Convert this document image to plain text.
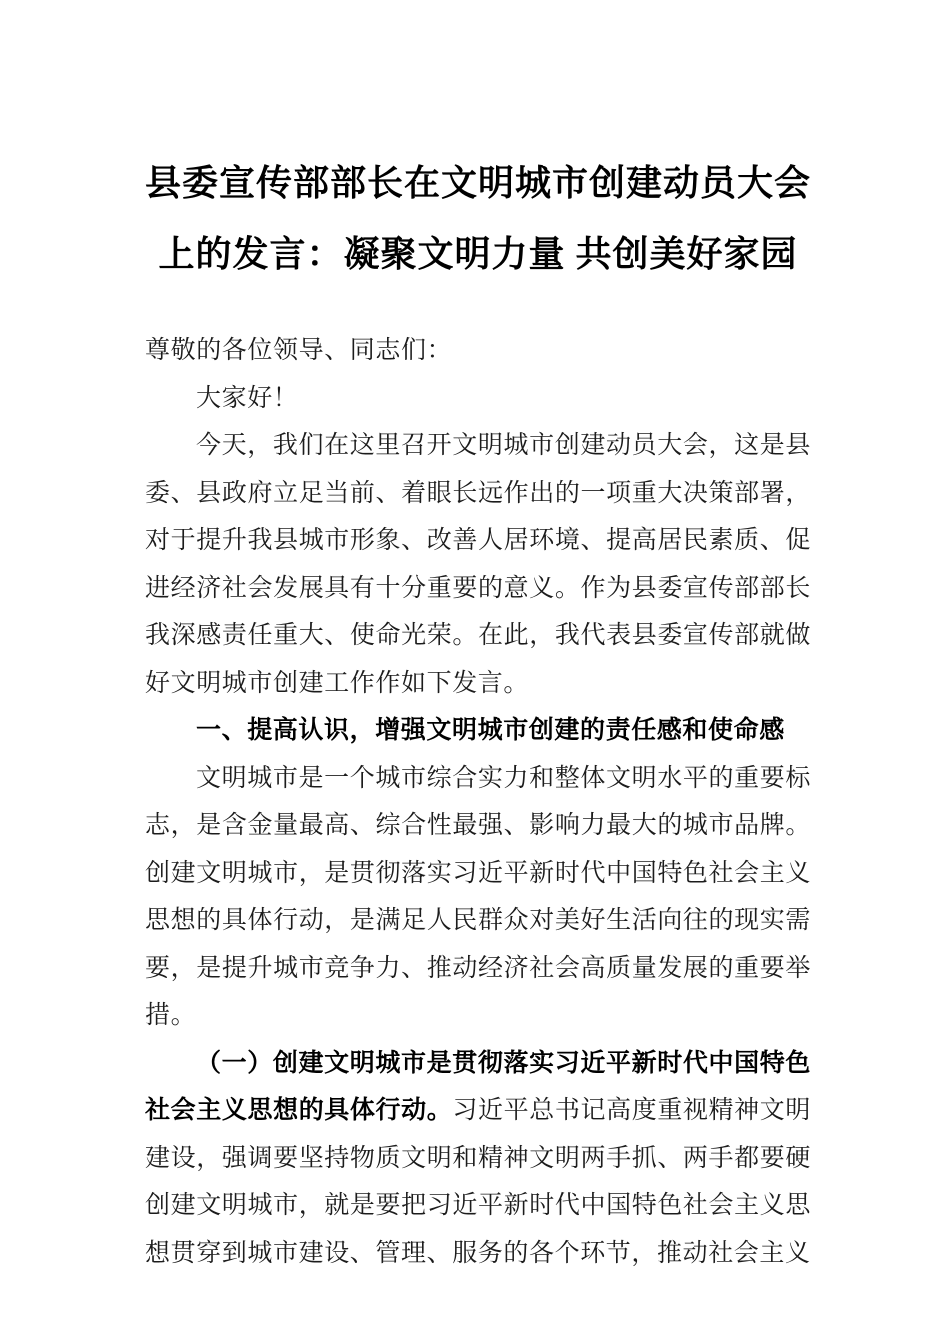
县委宣传部部长在文明城市创建动员大会
上的发言：凝聚文明力量 共创美好家园

尊敬的各位领导、同志们：

大家好！

今天，我们在这里召开文明城市创建动员大会，这是县委、县政府立足当前、着眼长远作出的一项重大决策部署，对于提升我县城市形象、改善人居环境、提高居民素质、促进经济社会发展具有十分重要的意义。作为县委宣传部部长我深感责任重大、使命光荣。在此，我代表县委宣传部就做好文明城市创建工作作如下发言。

一、提高认识，增强文明城市创建的责任感和使命感

文明城市是一个城市综合实力和整体文明水平的重要标志，是含金量最高、综合性最强、影响力最大的城市品牌。创建文明城市，是贯彻落实习近平新时代中国特色社会主义思想的具体行动，是满足人民群众对美好生活向往的现实需要，是提升城市竞争力、推动经济社会高质量发展的重要举措。

（一）创建文明城市是贯彻落实习近平新时代中国特色社会主义思想的具体行动。习近平总书记高度重视精神文明建设，强调要坚持物质文明和精神文明两手抓、两手都要硬创建文明城市，就是要把习近平新时代中国特色社会主义思想贯穿到城市建设、管理、服务的各个环节，推动社会主义
